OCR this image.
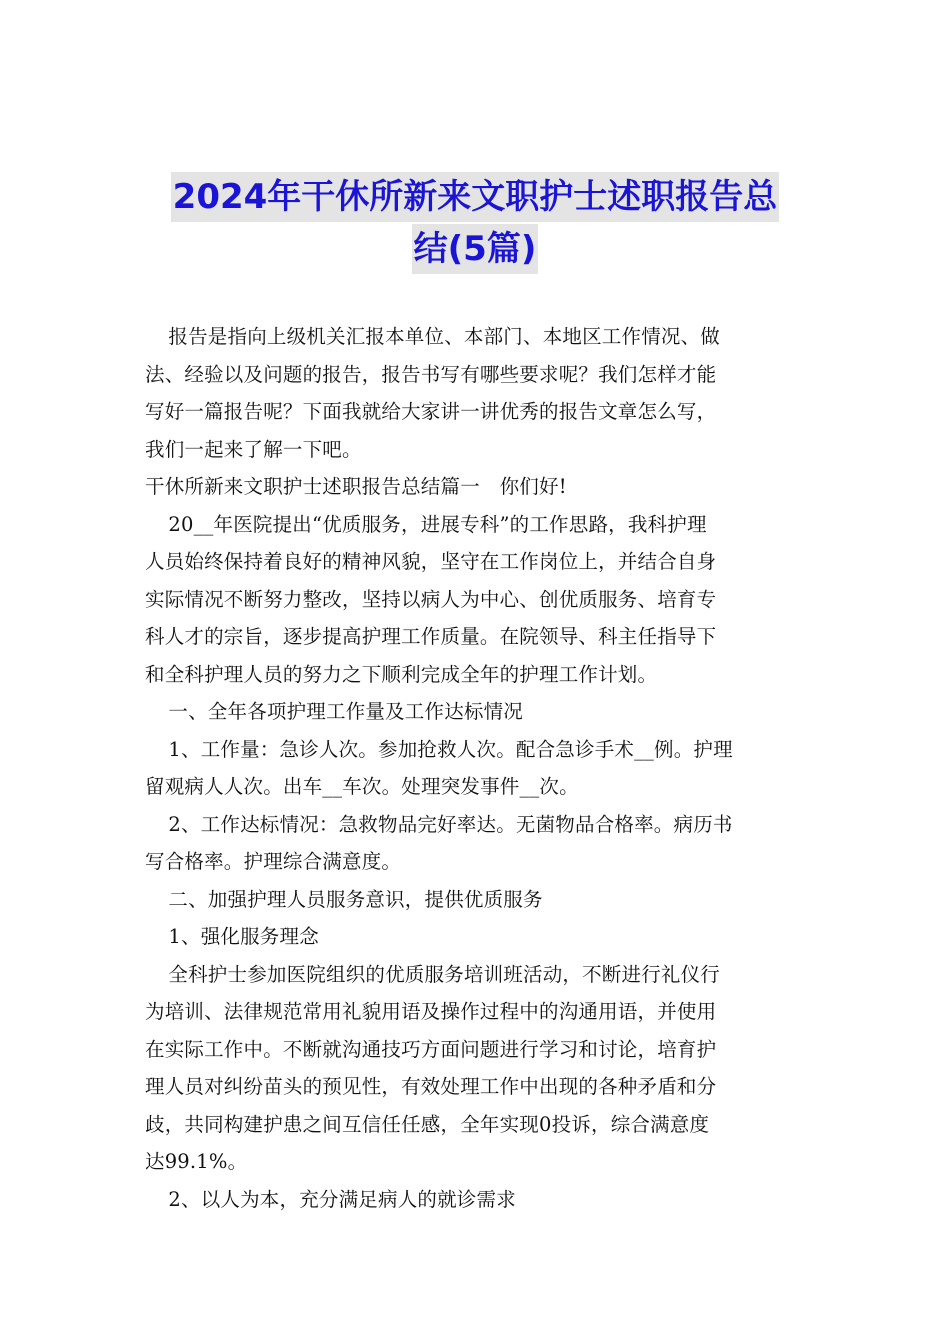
2024年干休所新来文职护士述职报告总
结(5篇)

报告是指向上级机关汇报本单位、本部门、本地区工作情况、做
法、经验以及问题的报告，报告书写有哪些要求呢？我们怎样才能
写好一篇报告呢？下面我就给大家讲一讲优秀的报告文章怎么写，
我们一起来了解一下吧。

干休所新来文职护士述职报告总结篇一　你们好!

20__年医院提出“优质服务，进展专科”的工作思路，我科护理
人员始终保持着良好的精神风貌，坚守在工作岗位上，并结合自身
实际情况不断努力整改，坚持以病人为中心、创优质服务、培育专
科人才的宗旨，逐步提高护理工作质量。在院领导、科主任指导下
和全科护理人员的努力之下顺利完成全年的护理工作计划。

一、全年各项护理工作量及工作达标情况

1、工作量：急诊人次。参加抢救人次。配合急诊手术__例。护理
留观病人人次。出车__车次。处理突发事件__次。

2、工作达标情况：急救物品完好率达。无菌物品合格率。病历书
写合格率。护理综合满意度。

二、加强护理人员服务意识，提供优质服务

1、强化服务理念

全科护士参加医院组织的优质服务培训班活动，不断进行礼仪行
为培训、法律规范常用礼貌用语及操作过程中的沟通用语，并使用
在实际工作中。不断就沟通技巧方面问题进行学习和讨论，培育护
理人员对纠纷苗头的预见性，有效处理工作中出现的各种矛盾和分
歧，共同构建护患之间互信任任感，全年实现0投诉，综合满意度
达99.1%。

2、以人为本，充分满足病人的就诊需求
